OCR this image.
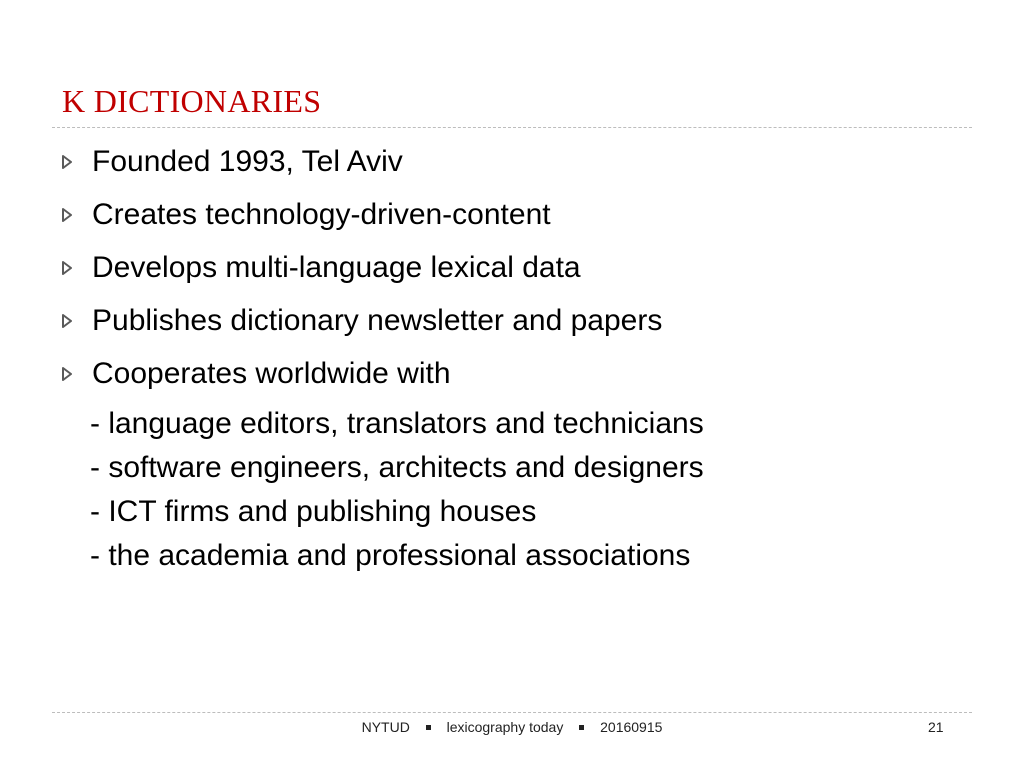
K DICTIONARIES
Founded 1993, Tel Aviv
Creates technology-driven-content
Develops multi-language lexical data
Publishes dictionary newsletter and papers
Cooperates worldwide with
- language editors, translators and technicians
- software engineers, architects and designers
- ICT firms and publishing houses
- the academia and professional associations
NYTUD	lexicography today	20160915	21
